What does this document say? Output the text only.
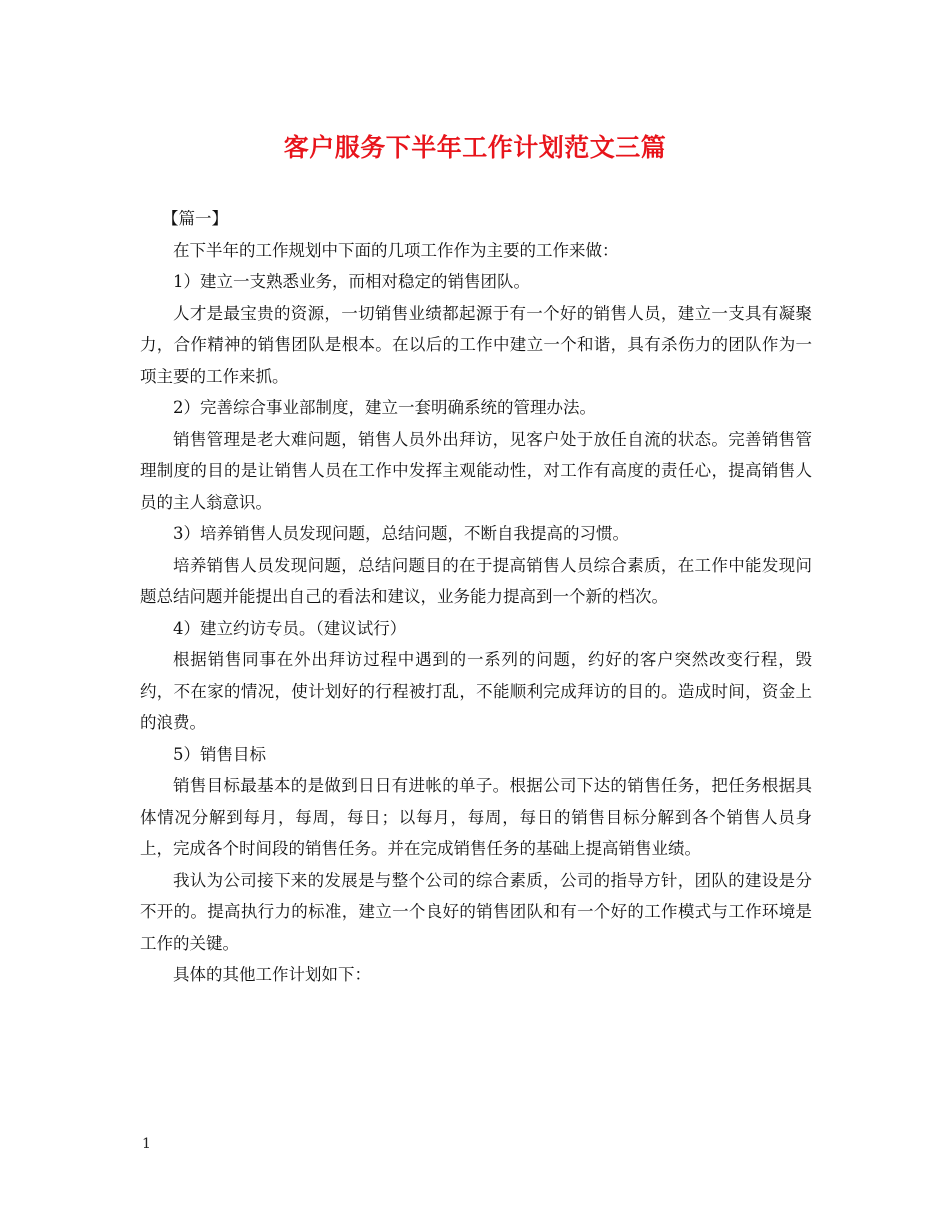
客户服务下半年工作计划范文三篇

【篇一】

在下半年的工作规划中下面的几项工作作为主要的工作来做：

1）建立一支熟悉业务，而相对稳定的销售团队。

人才是最宝贵的资源，一切销售业绩都起源于有一个好的销售人员，建立一支具有凝聚力，合作精神的销售团队是根本。在以后的工作中建立一个和谐，具有杀伤力的团队作为一项主要的工作来抓。

2）完善综合事业部制度，建立一套明确系统的管理办法。

销售管理是老大难问题，销售人员外出拜访，见客户处于放任自流的状态。完善销售管理制度的目的是让销售人员在工作中发挥主观能动性，对工作有高度的责任心，提高销售人员的主人翁意识。

3）培养销售人员发现问题，总结问题，不断自我提高的习惯。

培养销售人员发现问题，总结问题目的在于提高销售人员综合素质，在工作中能发现问题总结问题并能提出自己的看法和建议，业务能力提高到一个新的档次。

4）建立约访专员。（建议试行）

根据销售同事在外出拜访过程中遇到的一系列的问题，约好的客户突然改变行程，毁约，不在家的情况，使计划好的行程被打乱，不能顺利完成拜访的目的。造成时间，资金上的浪费。

5）销售目标

销售目标最基本的是做到日日有进帐的单子。根据公司下达的销售任务，把任务根据具体情况分解到每月，每周，每日；以每月，每周，每日的销售目标分解到各个销售人员身上，完成各个时间段的销售任务。并在完成销售任务的基础上提高销售业绩。

我认为公司接下来的发展是与整个公司的综合素质，公司的指导方针，团队的建设是分不开的。提高执行力的标准，建立一个良好的销售团队和有一个好的工作模式与工作环境是工作的关键。

具体的其他工作计划如下：

1
